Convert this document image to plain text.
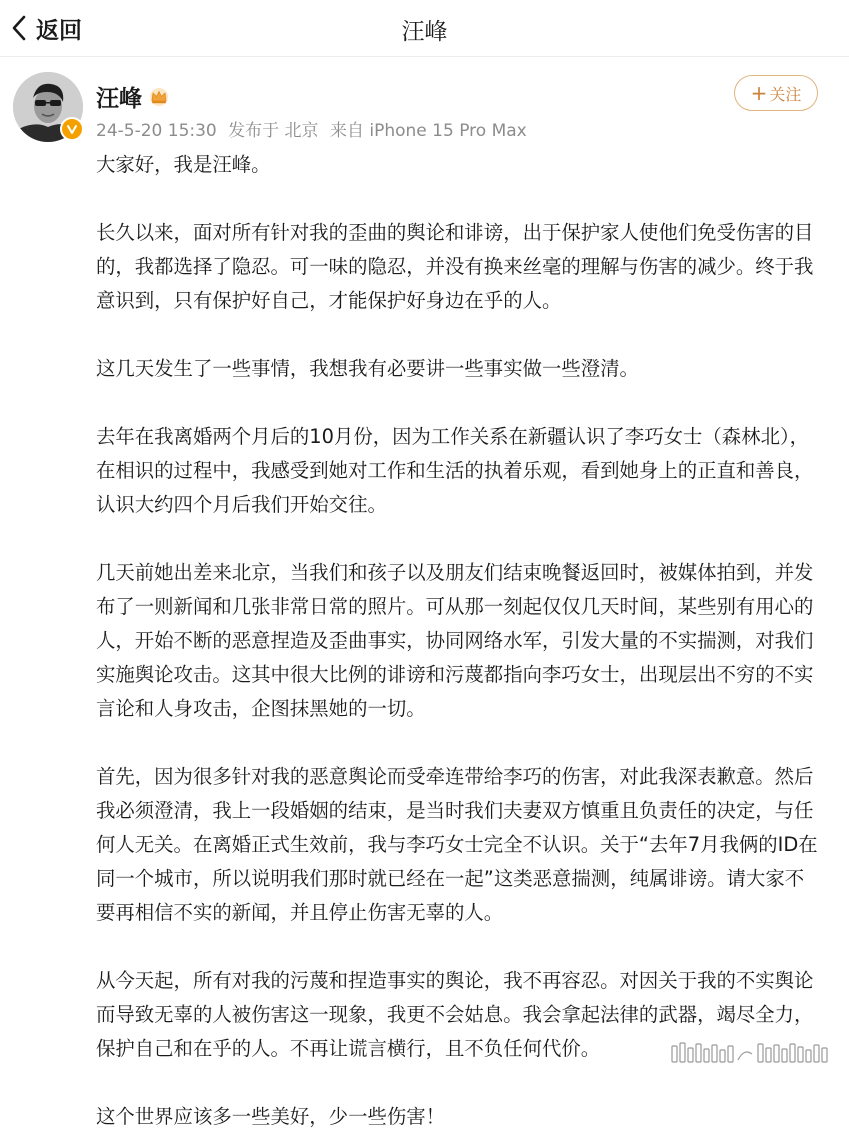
返回	汪峰
汪峰
24-5-20 15:30 发布于 北京 来自 iPhone 15 Pro Max
+ 关注

大家好，我是汪峰。

长久以来，面对所有针对我的歪曲的舆论和诽谤，出于保护家人使他们免受伤害的目的，我都选择了隐忍。可一味的隐忍，并没有换来丝毫的理解与伤害的减少。终于我意识到，只有保护好自己，才能保护好身边在乎的人。

这几天发生了一些事情，我想我有必要讲一些事实做一些澄清。

去年在我离婚两个月后的10月份，因为工作关系在新疆认识了李巧女士（森林北），在相识的过程中，我感受到她对工作和生活的执着乐观，看到她身上的正直和善良，认识大约四个月后我们开始交往。

几天前她出差来北京，当我们和孩子以及朋友们结束晚餐返回时，被媒体拍到，并发布了一则新闻和几张非常日常的照片。可从那一刻起仅仅几天时间，某些别有用心的人，开始不断的恶意捏造及歪曲事实，协同网络水军，引发大量的不实揣测，对我们实施舆论攻击。这其中很大比例的诽谤和污蔑都指向李巧女士，出现层出不穷的不实言论和人身攻击，企图抹黑她的一切。

首先，因为很多针对我的恶意舆论而受牵连带给李巧的伤害，对此我深表歉意。然后我必须澄清，我上一段婚姻的结束，是当时我们夫妻双方慎重且负责任的决定，与任何人无关。在离婚正式生效前，我与李巧女士完全不认识。关于“去年7月我俩的ID在同一个城市，所以说明我们那时就已经在一起”这类恶意揣测，纯属诽谤。请大家不要再相信不实的新闻，并且停止伤害无辜的人。

从今天起，所有对我的污蔑和捏造事实的舆论，我不再容忍。对因关于我的不实舆论而导致无辜的人被伤害这一现象，我更不会姑息。我会拿起法律的武器，竭尽全力，保护自己和在乎的人。不再让谎言横行，且不负任何代价。

这个世界应该多一些美好，少一些伤害！
